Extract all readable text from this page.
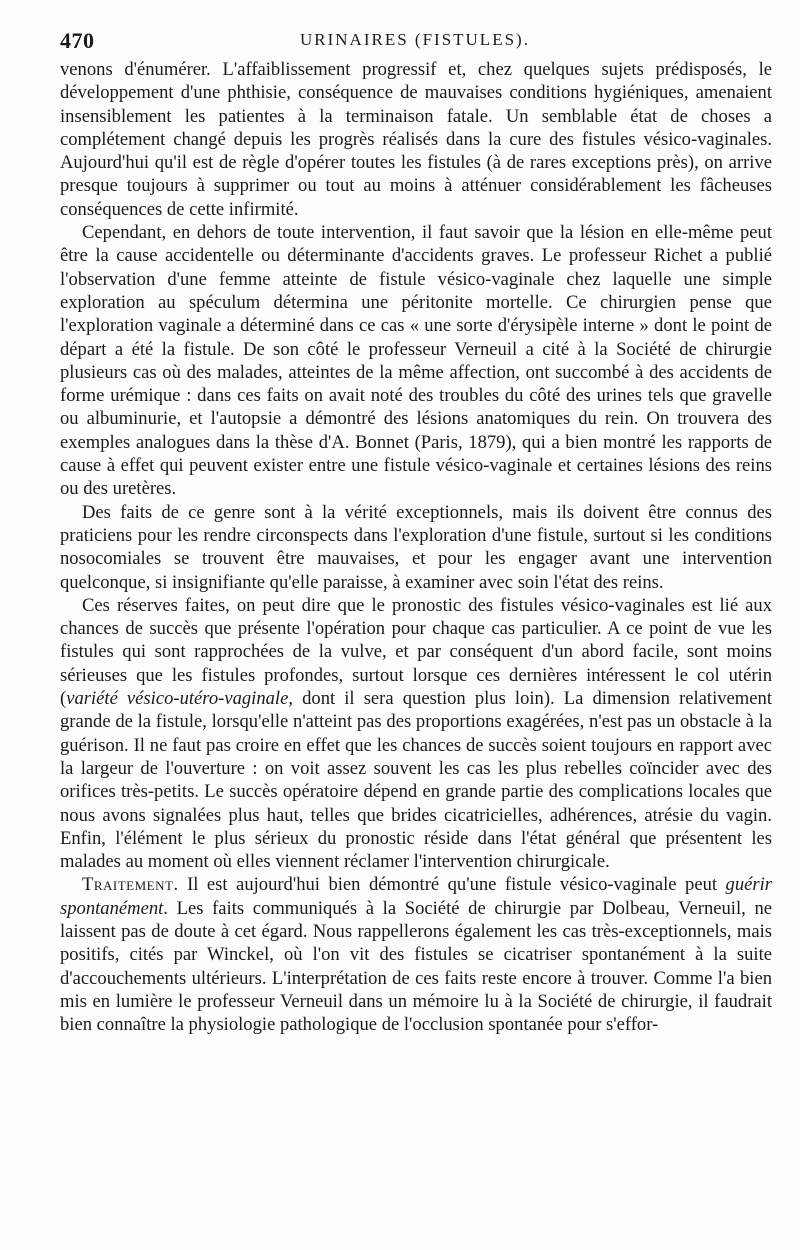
470	URINAIRES (FISTULES).

venons d'énumérer. L'affaiblissement progressif et, chez quelques sujets prédisposés, le développement d'une phthisie, conséquence de mauvaises conditions hygiéniques, amenaient insensiblement les patientes à la terminaison fatale. Un semblable état de choses a complétement changé depuis les progrès réalisés dans la cure des fistules vésico-vaginales. Aujourd'hui qu'il est de règle d'opérer toutes les fistules (à de rares exceptions près), on arrive presque toujours à supprimer ou tout au moins à atténuer considérablement les fâcheuses conséquences de cette infirmité.

Cependant, en dehors de toute intervention, il faut savoir que la lésion en elle-même peut être la cause accidentelle ou déterminante d'accidents graves. Le professeur Richet a publié l'observation d'une femme atteinte de fistule vésico-vaginale chez laquelle une simple exploration au spéculum détermina une péritonite mortelle. Ce chirurgien pense que l'exploration vaginale a déterminé dans ce cas « une sorte d'érysipèle interne » dont le point de départ a été la fistule. De son côté le professeur Verneuil a cité à la Société de chirurgie plusieurs cas où des malades, atteintes de la même affection, ont succombé à des accidents de forme urémique : dans ces faits on avait noté des troubles du côté des urines tels que gravelle ou albuminurie, et l'autopsie a démontré des lésions anatomiques du rein. On trouvera des exemples analogues dans la thèse d'A. Bonnet (Paris, 1879), qui a bien montré les rapports de cause à effet qui peuvent exister entre une fistule vésico-vaginale et certaines lésions des reins ou des uretères.

Des faits de ce genre sont à la vérité exceptionnels, mais ils doivent être connus des praticiens pour les rendre circonspects dans l'exploration d'une fistule, surtout si les conditions nosocomiales se trouvent être mauvaises, et pour les engager avant une intervention quelconque, si insignifiante qu'elle paraisse, à examiner avec soin l'état des reins.

Ces réserves faites, on peut dire que le pronostic des fistules vésico-vaginales est lié aux chances de succès que présente l'opération pour chaque cas particulier. A ce point de vue les fistules qui sont rapprochées de la vulve, et par conséquent d'un abord facile, sont moins sérieuses que les fistules profondes, surtout lorsque ces dernières intéressent le col utérin (variété vésico-utéro-vaginale, dont il sera question plus loin). La dimension relativement grande de la fistule, lorsqu'elle n'atteint pas des proportions exagérées, n'est pas un obstacle à la guérison. Il ne faut pas croire en effet que les chances de succès soient toujours en rapport avec la largeur de l'ouverture : on voit assez souvent les cas les plus rebelles coïncider avec des orifices très-petits. Le succès opératoire dépend en grande partie des complications locales que nous avons signalées plus haut, telles que brides cicatricielles, adhérences, atrésie du vagin. Enfin, l'élément le plus sérieux du pronostic réside dans l'état général que présentent les malades au moment où elles viennent réclamer l'intervention chirurgicale.

Traitement. Il est aujourd'hui bien démontré qu'une fistule vésico-vaginale peut guérir spontanément. Les faits communiqués à la Société de chirurgie par Dolbeau, Verneuil, ne laissent pas de doute à cet égard. Nous rappellerons également les cas très-exceptionnels, mais positifs, cités par Winckel, où l'on vit des fistules se cicatriser spontanément à la suite d'accouchements ultérieurs. L'interprétation de ces faits reste encore à trouver. Comme l'a bien mis en lumière le professeur Verneuil dans un mémoire lu à la Société de chirurgie, il faudrait bien connaître la physiologie pathologique de l'occlusion spontanée pour s'effor-
